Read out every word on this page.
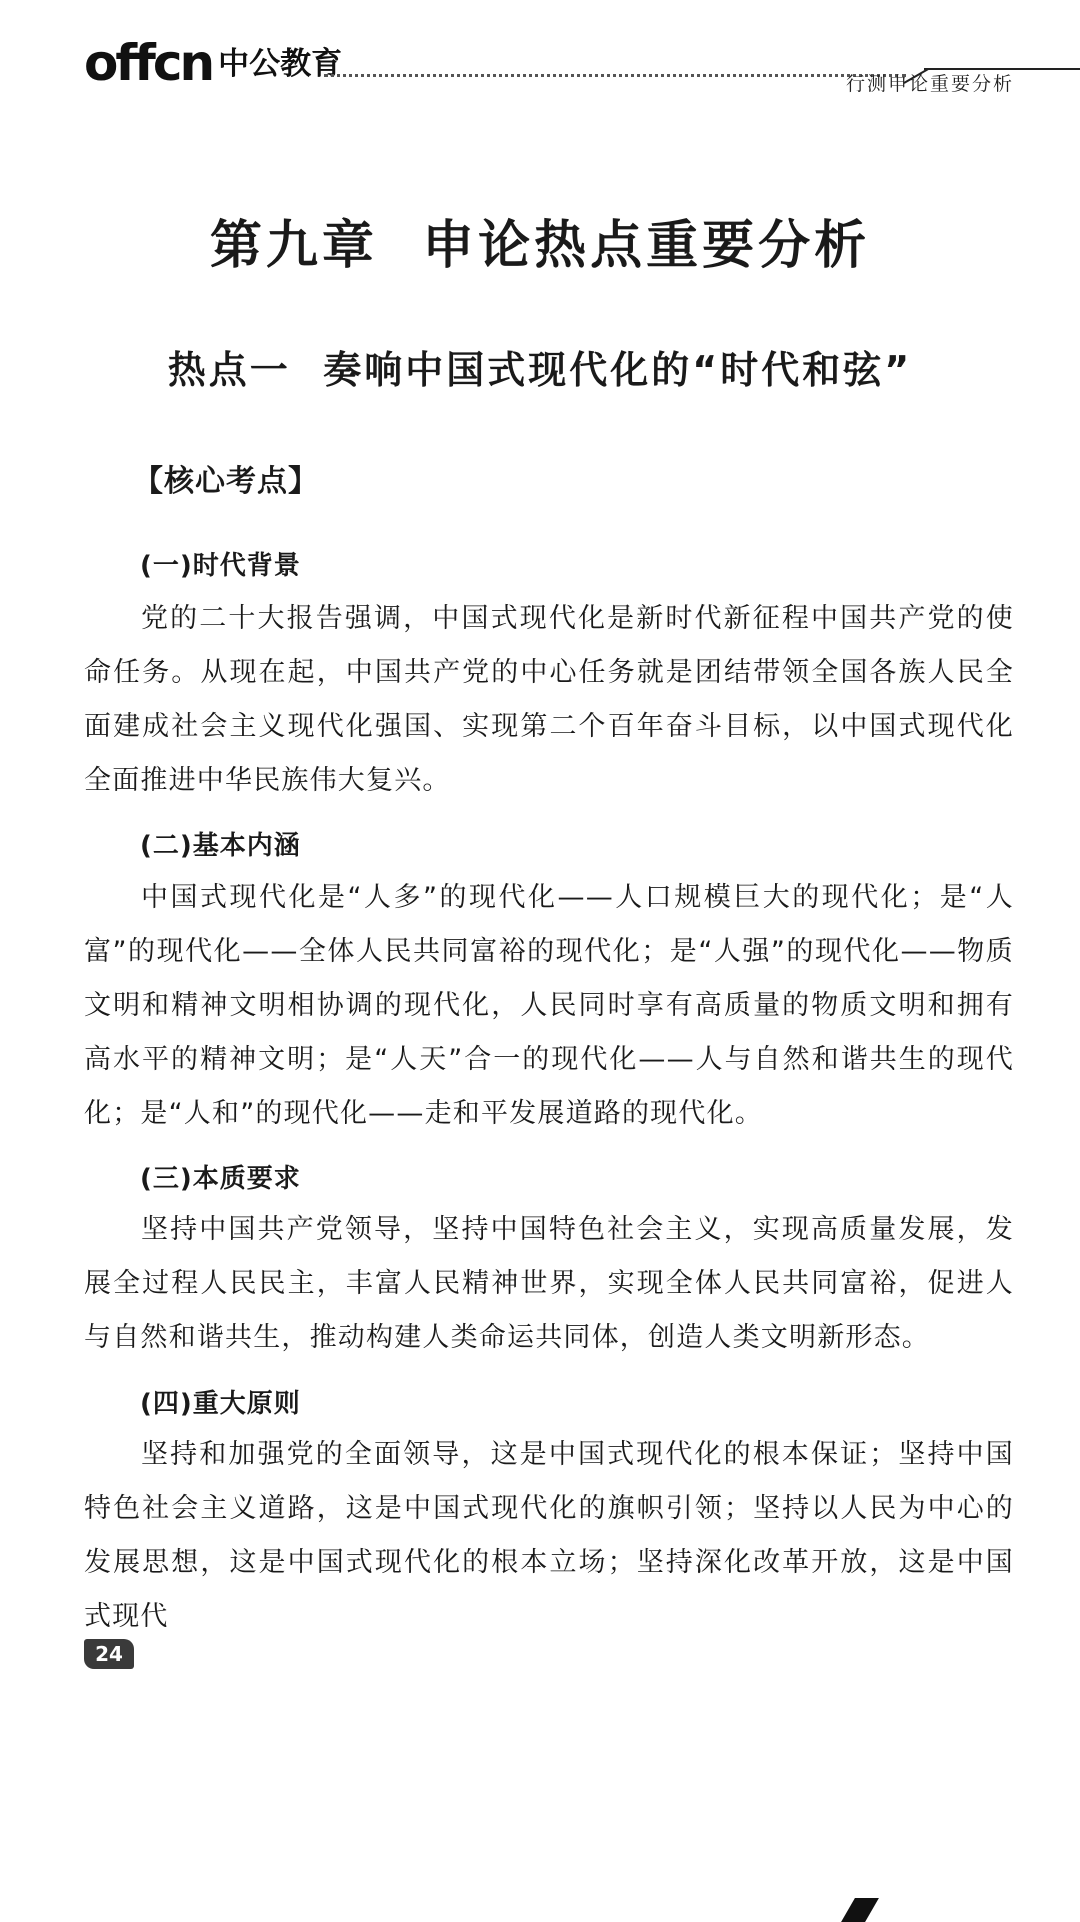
offcn 中公教育
行测申论重要分析
第九章  申论热点重要分析
热点一  奏响中国式现代化的“时代和弦”
【核心考点】
(一)时代背景

党的二十大报告强调，中国式现代化是新时代新征程中国共产党的使命任务。从现在起，中国共产党的中心任务就是团结带领全国各族人民全面建成社会主义现代化强国、实现第二个百年奋斗目标，以中国式现代化全面推进中华民族伟大复兴。

(二)基本内涵

中国式现代化是“人多”的现代化——人口规模巨大的现代化；是“人富”的现代化——全体人民共同富裕的现代化；是“人强”的现代化——物质文明和精神文明相协调的现代化，人民同时享有高质量的物质文明和拥有高水平的精神文明；是“人天”合一的现代化——人与自然和谐共生的现代化；是“人和”的现代化——走和平发展道路的现代化。

(三)本质要求

坚持中国共产党领导，坚持中国特色社会主义，实现高质量发展，发展全过程人民民主，丰富人民精神世界，实现全体人民共同富裕，促进人与自然和谐共生，推动构建人类命运共同体，创造人类文明新形态。

(四)重大原则

坚持和加强党的全面领导，这是中国式现代化的根本保证；坚持中国特色社会主义道路，这是中国式现代化的旗帜引领；坚持以人民为中心的发展思想，这是中国式现代化的根本立场；坚持深化改革开放，这是中国式现代

24
